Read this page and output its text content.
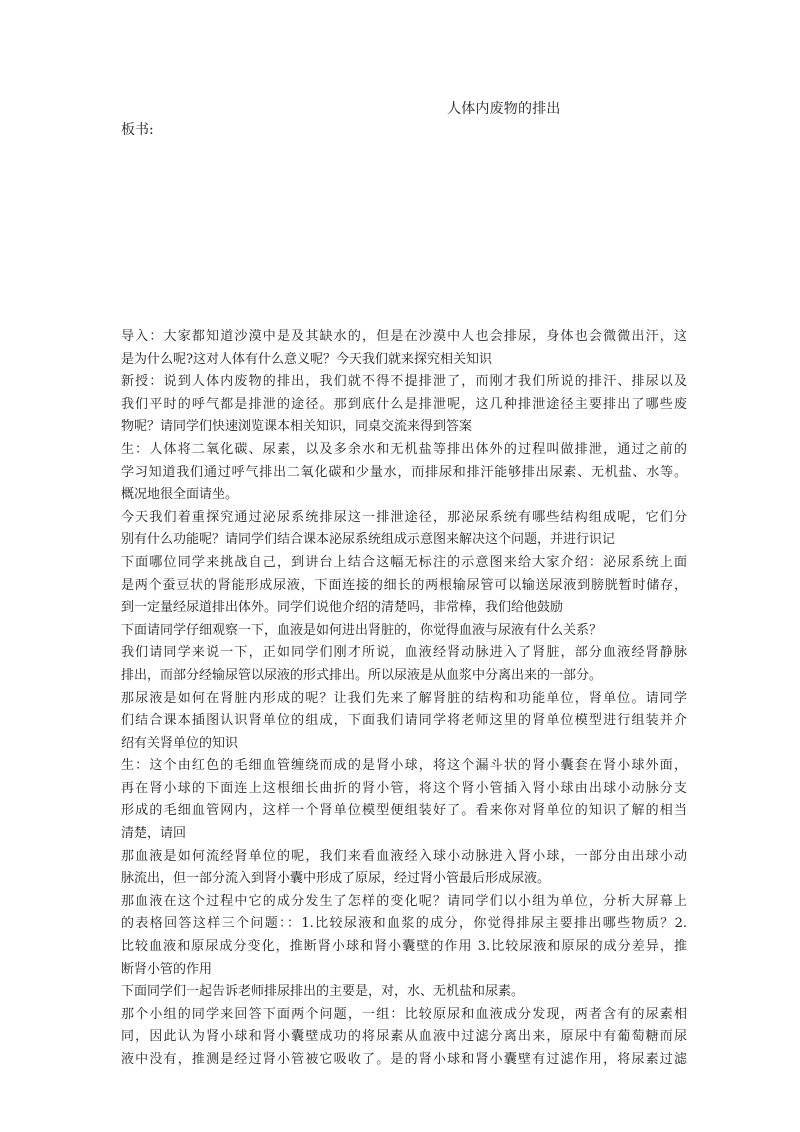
人体内废物的排出
板书:
导入：大家都知道沙漠中是及其缺水的，但是在沙漠中人也会排尿，身体也会微微出汗，这
是为什么呢?这对人体有什么意义呢？今天我们就来探究相关知识
新授：说到人体内废物的排出，我们就不得不提排泄了，而刚才我们所说的排汗、排尿以及
我们平时的呼气都是排泄的途径。那到底什么是排泄呢，这几种排泄途径主要排出了哪些废
物呢？请同学们快速浏览课本相关知识，同桌交流来得到答案
生：人体将二氧化碳、尿素，以及多余水和无机盐等排出体外的过程叫做排泄，通过之前的
学习知道我们通过呼气排出二氧化碳和少量水，而排尿和排汗能够排出尿素、无机盐、水等。
概况地很全面请坐。
今天我们着重探究通过泌尿系统排尿这一排泄途径，那泌尿系统有哪些结构组成呢，它们分
别有什么功能呢？请同学们结合课本泌尿系统组成示意图来解决这个问题，并进行识记
下面哪位同学来挑战自己，到讲台上结合这幅无标注的示意图来给大家介绍：泌尿系统上面
是两个蚕豆状的肾能形成尿液，下面连接的细长的两根输尿管可以输送尿液到膀胱暂时储存，
到一定量经尿道排出体外。同学们说他介绍的清楚吗，非常棒，我们给他鼓励
下面请同学仔细观察一下，血液是如何进出肾脏的，你觉得血液与尿液有什么关系？
我们请同学来说一下，正如同学们刚才所说，血液经肾动脉进入了肾脏，部分血液经肾静脉
排出，而部分经输尿管以尿液的形式排出。所以尿液是从血浆中分离出来的一部分。
那尿液是如何在肾脏内形成的呢？让我们先来了解肾脏的结构和功能单位，肾单位。请同学
们结合课本插图认识肾单位的组成，下面我们请同学将老师这里的肾单位模型进行组装并介
绍有关肾单位的知识
生：这个由红色的毛细血管缠绕而成的是肾小球，将这个漏斗状的肾小囊套在肾小球外面，
再在肾小球的下面连上这根细长曲折的肾小管，将这个肾小管插入肾小球由出球小动脉分支
形成的毛细血管网内，这样一个肾单位模型便组装好了。看来你对肾单位的知识了解的相当
清楚，请回
那血液是如何流经肾单位的呢，我们来看血液经入球小动脉进入肾小球，一部分由出球小动
脉流出，但一部分流入到肾小囊中形成了原尿，经过肾小管最后形成尿液。
那血液在这个过程中它的成分发生了怎样的变化呢？请同学们以小组为单位，分析大屏幕上
的表格回答这样三个问题：：1.比较尿液和血浆的成分，你觉得排尿主要排出哪些物质？2.
比较血液和原尿成分变化，推断肾小球和肾小囊壁的作用 3.比较尿液和原尿的成分差异，推
断肾小管的作用
下面同学们一起告诉老师排尿排出的主要是，对，水、无机盐和尿素。
那个小组的同学来回答下面两个问题，一组：比较原尿和血液成分发现，两者含有的尿素相
同，因此认为肾小球和肾小囊壁成功的将尿素从血液中过滤分离出来，原尿中有葡萄糖而尿
液中没有，推测是经过肾小管被它吸收了。是的肾小球和肾小囊壁有过滤作用，将尿素过滤
